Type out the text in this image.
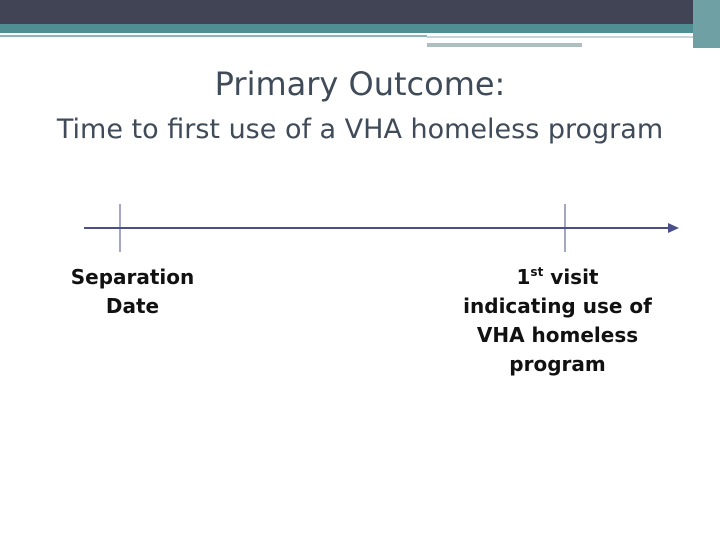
Primary Outcome:
Time to first use of a VHA homeless program
Separation
Date
1st visit
indicating use of
VHA homeless
program
